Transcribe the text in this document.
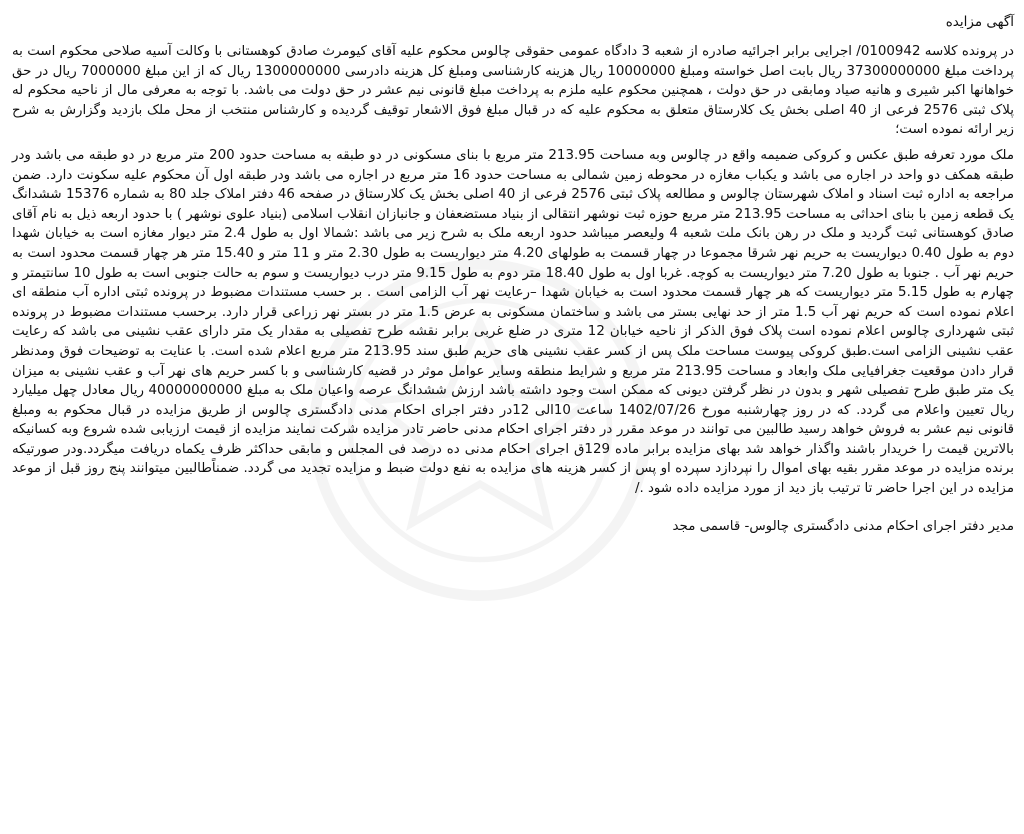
آگهی مزایده

در پرونده کلاسه 0100942/ اجرایی برابر اجرائیه صادره از شعبه 3 دادگاه عمومی حقوقی چالوس محکوم علیه آقای کیومرث صادق کوهستانی با وکالت آسیه صلاحی محکوم است به پرداخت مبلغ 37300000000 ریال بابت اصل خواسته ومبلغ 10000000 ریال هزینه کارشناسی ومبلغ کل هزینه دادرسی 1300000000 ریال که از این مبلغ 7000000 ریال در حق خواهانها اکبر شیری و هانیه صیاد ومابقی در حق دولت ، همچنین محکوم علیه ملزم به پرداخت مبلغ قانونی نیم عشر در حق دولت می باشد. با توجه به معرفی مال از ناحیه محکوم له پلاک ثبتی 2576 فرعی از 40 اصلی بخش یک کلارستاق متعلق به محکوم علیه که در قبال مبلغ فوق الاشعار توقیف گردیده و کارشناس منتخب از محل ملک بازدید وگزارش به شرح زیر ارائه نموده است؛

ملک مورد تعرفه طبق عکس و کروکی ضمیمه واقع در چالوس وبه مساحت 213.95 متر مربع با بنای مسکونی در دو طبقه به مساحت حدود 200 متر مربع در دو طبقه می باشد ودر طبقه همکف دو واحد در اجاره می باشد و یکباب مغازه در محوطه زمین شمالی به مساحت حدود 16 متر مربع در اجاره می باشد ودر طبقه اول آن محکوم علیه سکونت دارد. ضمن مراجعه به اداره ثبت اسناد و املاک شهرستان چالوس و مطالعه پلاک ثبتی 2576 فرعی از 40 اصلی بخش یک کلارستاق در صفحه 46 دفتر املاک جلد 80 به شماره 15376 ششدانگ یک قطعه زمین با بنای احداثی به مساحت 213.95 متر مربع حوزه ثبت نوشهر انتقالی از بنیاد مستضعفان و جانبازان انقلاب اسلامی (بنیاد علوی نوشهر ) با حدود اربعه ذیل به نام آقای صادق کوهستانی ثبت گردید و ملک در رهن بانک ملت شعبه 4 ولیعصر میباشد حدود اربعه ملک به شرح زیر می باشد :شمالا اول به طول 2.4 متر دیوار مغازه است به خیابان شهدا دوم به طول 0.40 دیواریست به حریم نهر شرقا مجموعا در چهار قسمت به طولهای 4.20 متر دیواریست به طول 2.30 متر و 11 متر و 15.40 متر هر چهار قسمت محدود است به حریم نهر آب . جنوبا به طول 7.20 متر دیواریست به کوچه. غربا اول به طول 18.40 متر دوم به طول 9.15 متر درب دیواریست و سوم به حالت جنوبی است به طول 10 سانتیمتر و چهارم به طول 5.15 متر دیواریست که هر چهار قسمت محدود است به خیابان شهدا –رعایت نهر آب الزامی است . بر حسب مستندات مضبوط در پرونده ثبتی اداره آب منطقه ای اعلام نموده است که حریم نهر آب 1.5 متر از حد نهایی بستر می باشد و ساختمان مسکونی به عرض 1.5 متر در بستر نهر زراعی قرار دارد. برحسب مستندات مضبوط در پرونده ثبتی شهرداری چالوس اعلام نموده است پلاک فوق الذکر از ناحیه خیابان 12 متری در ضلع غربی برابر نقشه طرح تفصیلی به مقدار یک متر دارای عقب نشینی می باشد که رعایت عقب نشینی الزامی است.طبق کروکی پیوست مساحت ملک پس از کسر عقب نشینی های حریم طبق سند 213.95 متر مربع اعلام شده است. با عنایت به توضیحات فوق ومدنظر قرار دادن موقعیت جغرافیایی ملک وابعاد و مساحت 213.95 متر مربع و شرایط منطقه وسایر عوامل موثر در قضیه کارشناسی و با کسر حریم های نهر آب و عقب نشینی به میزان یک متر طبق طرح تفصیلی شهر و بدون در نظر گرفتن دیونی که ممکن است وجود داشته باشد ارزش ششدانگ عرصه واعیان ملک به مبلغ 40000000000 ریال معادل چهل میلیارد ریال تعیین واعلام می گردد. که در روز چهارشنبه مورخ 1402/07/26 ساعت 10الی 12در دفتر اجرای احکام مدنی دادگستری چالوس از طریق مزایده در قبال محکوم به ومبلغ قانونی نیم عشر به فروش خواهد رسید طالبین می توانند در موعد مقرر در دفتر اجرای احکام مدنی حاضر تادر مزایده شرکت نمایند مزایده از قیمت ارزیابی شده شروع وبه کسانیکه بالاترین قیمت را خریدار باشند واگذار خواهد شد بهای مزایده برابر ماده 129ق اجرای احکام مدنی ده درصد فی المجلس و مابقی حداکثر ظرف یکماه دریافت میگردد.ودر صورتیکه برنده مزایده در موعد مقرر بقیه بهای اموال را نپردازد سپرده او پس از کسر هزینه های مزایده به نفع دولت ضبط و مزایده تجدید می گردد. ضمناًطالبین میتوانند پنج روز قبل از موعد مزایده در این اجرا حاضر تا ترتیب باز دید از مورد مزایده داده شود ./

مدیر دفتر اجرای احکام مدنی دادگستری چالوس- قاسمی مجد
